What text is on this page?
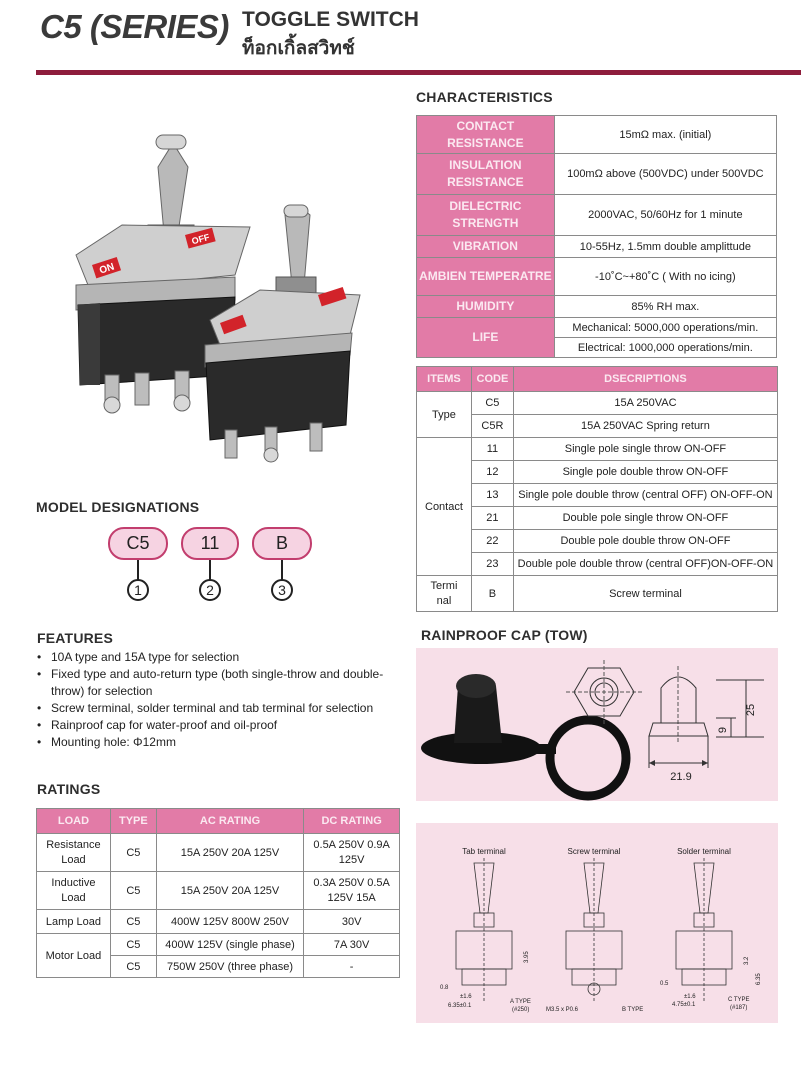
C5 (SERIES) TOGGLE SWITCH
ท็อกเกิ้ลสวิทช์
ON
OFF
CHARACTERISTICS
CONTACT RESISTANCE	15mΩ max. (initial)
INSULATION RESISTANCE	100mΩ above (500VDC) under 500VDC
DIELECTRIC STRENGTH	2000VAC, 50/60Hz for 1 minute
VIBRATION	10-55Hz, 1.5mm double amplittude
AMBIEN TEMPERATRE	-10˚C~+80˚C ( With no icing)
HUMIDITY	85% RH max.
LIFE	Mechanical: 5000,000 operations/min.
	Electrical: 1000,000 operations/min.
ITEMS	CODE	DSECRIPTIONS
Type	C5	15A 250VAC
	C5R	15A 250VAC Spring return
Contact	11	Single pole single throw ON-OFF
	12	Single pole double throw ON-OFF
	13	Single pole double throw (central OFF) ON-OFF-ON
	21	Double pole single throw ON-OFF
	22	Double pole double throw ON-OFF
	23	Double pole double throw (central OFF)ON-OFF-ON
Termi
nal	B	Screw terminal
MODEL DESIGNATIONS
C5	11	B
1	2	3
FEATURES
• 10A type and 15A type for selection
• Fixed type and auto-return type (both single-throw and double-throw) for selection
• Screw terminal, solder terminal and tab terminal for selection
• Rainproof cap for water-proof and oil-proof
• Mounting hole: Φ12mm
RATINGS
LOAD	TYPE	AC RATING	DC RATING
Resistance
Load	C5	15A 250V 20A 125V	0.5A 250V 0.9A
125V
Inductive
Load	C5	15A 250V 20A 125V	0.3A 250V 0.5A
125V 15A
Lamp Load	C5	400W 125V 800W 250V	30V
Motor Load	C5	400W 125V (single phase)	7A 30V
	C5	750W 250V (three phase)	-
RAINPROOF CAP (TOW)
21.9
25
9
Tab terminal	Screw terminal	Solder terminal
0.8
6.35±0.1
±1.6
3.95
A TYPE
(#250)	M3.5 x P0.6	B TYPE
0.5
4.75±0.1
±1.6
3.2
6.35
C TYPE
(#187)
